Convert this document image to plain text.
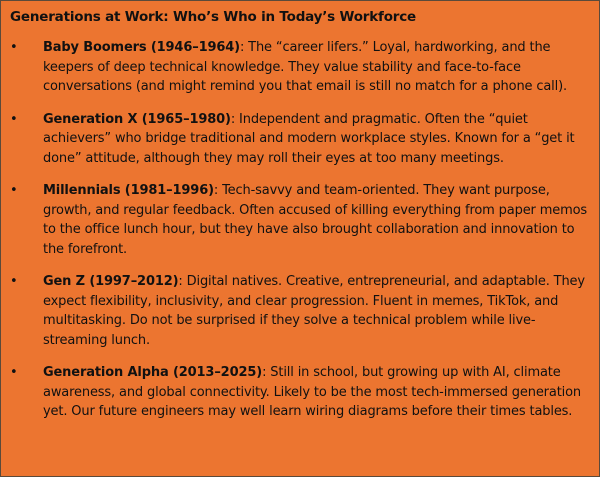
Generations at Work: Who’s Who in Today’s Workforce
• Baby Boomers (1946–1964): The “career lifers.” Loyal, hardworking, and the keepers of deep technical knowledge. They value stability and face-to-face conversations (and might remind you that email is still no match for a phone call).
• Generation X (1965–1980): Independent and pragmatic. Often the “quiet achievers” who bridge traditional and modern workplace styles. Known for a “get it done” attitude, although they may roll their eyes at too many meetings.
• Millennials (1981–1996): Tech-savvy and team-oriented. They want purpose, growth, and regular feedback. Often accused of killing everything from paper memos to the office lunch hour, but they have also brought collaboration and innovation to the forefront.
• Gen Z (1997–2012): Digital natives. Creative, entrepreneurial, and adaptable. They expect flexibility, inclusivity, and clear progression. Fluent in memes, TikTok, and multitasking. Do not be surprised if they solve a technical problem while live-streaming lunch.
• Generation Alpha (2013–2025): Still in school, but growing up with AI, climate awareness, and global connectivity. Likely to be the most tech-immersed generation yet. Our future engineers may well learn wiring diagrams before their times tables.
